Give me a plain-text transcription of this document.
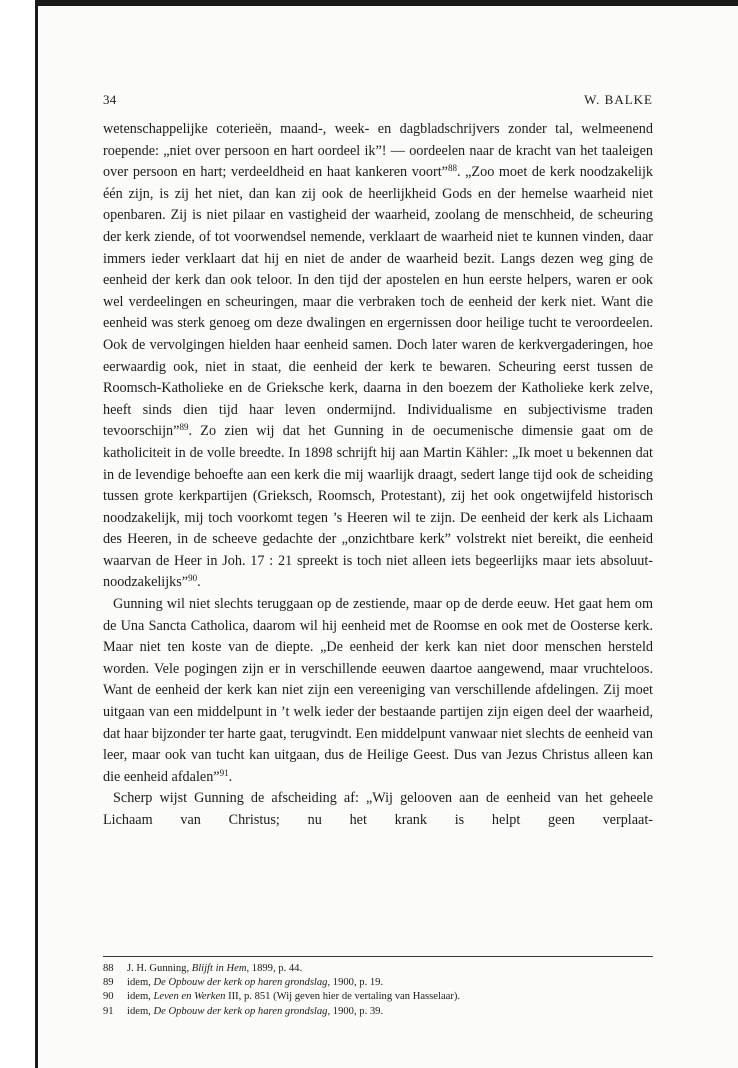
34	W. BALKE

wetenschappelijke coterieën, maand-, week- en dagbladschrijvers zonder tal, welmeenend roepende: „niet over persoon en hart oordeel ik”! — oordeelen naar de kracht van het taaleigen over persoon en hart; verdeeldheid en haat kankeren voort”$^{88}$. „Zoo moet de kerk noodzakelijk één zijn, is zij het niet, dan kan zij ook de heerlijkheid Gods en der hemelse waarheid niet openbaren. Zij is niet pilaar en vastigheid der waarheid, zoolang de menschheid, de scheuring der kerk ziende, of tot voorwendsel nemende, verklaart de waarheid niet te kunnen vinden, daar immers ieder verklaart dat hij en niet de ander de waarheid bezit. Langs dezen weg ging de eenheid der kerk dan ook teloor. In den tijd der apostelen en hun eerste helpers, waren er ook wel verdeelingen en scheuringen, maar die verbraken toch de eenheid der kerk niet. Want die eenheid was sterk genoeg om deze dwalingen en ergernissen door heilige tucht te veroordeelen. Ook de vervolgingen hielden haar eenheid samen. Doch later waren de kerkvergaderingen, hoe eerwaardig ook, niet in staat, die eenheid der kerk te bewaren. Scheuring eerst tussen de Roomsch-Katholieke en de Grieksche kerk, daarna in den boezem der Katholieke kerk zelve, heeft sinds dien tijd haar leven ondermijnd. Individualisme en subjectivisme traden tevoorschijn”$^{89}$. Zo zien wij dat het Gunning in de oecumenische dimensie gaat om de katholiciteit in de volle breedte. In 1898 schrijft hij aan Martin Kähler: „Ik moet u bekennen dat in de levendige behoefte aan een kerk die mij waarlijk draagt, sedert lange tijd ook de scheiding tussen grote kerkpartijen (Grieksch, Roomsch, Protestant), zij het ook ongetwijfeld historisch noodzakelijk, mij toch voorkomt tegen ’s Heeren wil te zijn. De eenheid der kerk als Lichaam des Heeren, in de scheeve gedachte der „onzichtbare kerk” volstrekt niet bereikt, die eenheid waarvan de Heer in Joh. 17 : 21 spreekt is toch niet alleen iets begeerlijks maar iets absoluut-noodzakelijks”$^{90}$.

Gunning wil niet slechts teruggaan op de zestiende, maar op de derde eeuw. Het gaat hem om de Una Sancta Catholica, daarom wil hij eenheid met de Roomse en ook met de Oosterse kerk. Maar niet ten koste van de diepte. „De eenheid der kerk kan niet door menschen hersteld worden. Vele pogingen zijn er in verschillende eeuwen daartoe aangewend, maar vruchteloos. Want de eenheid der kerk kan niet zijn een vereeniging van verschillende afdelingen. Zij moet uitgaan van een middelpunt in ’t welk ieder der bestaande partijen zijn eigen deel der waarheid, dat haar bijzonder ter harte gaat, terugvindt. Een middelpunt vanwaar niet slechts de eenheid van leer, maar ook van tucht kan uitgaan, dus de Heilige Geest. Dus van Jezus Christus alleen kan die eenheid afdalen”$^{91}$.

Scherp wijst Gunning de afscheiding af: „Wij gelooven aan de eenheid van het geheele Lichaam van Christus; nu het krank is helpt geen verplaat-

88 J. H. Gunning, Blijft in Hem, 1899, p. 44.
89 idem, De Opbouw der kerk op haren grondslag, 1900, p. 19.
90 idem, Leven en Werken III, p. 851 (Wij geven hier de vertaling van Hasselaar).
91 idem, De Opbouw der kerk op haren grondslag, 1900, p. 39.
